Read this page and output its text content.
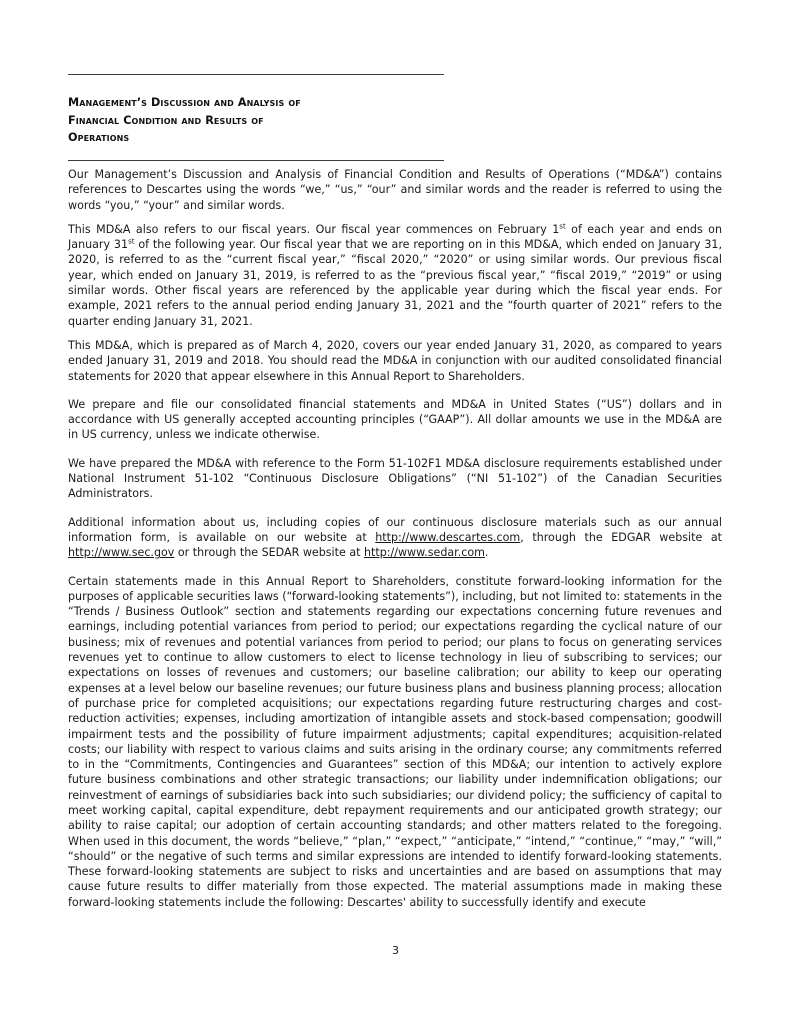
Management’s Discussion and Analysis of
Financial Condition and Results of
Operations

Our Management’s Discussion and Analysis of Financial Condition and Results of Operations (“MD&A”) contains references to Descartes using the words “we,” “us,” “our” and similar words and the reader is referred to using the words “you,” “your” and similar words.

This MD&A also refers to our fiscal years. Our fiscal year commences on February 1st of each year and ends on January 31st of the following year. Our fiscal year that we are reporting on in this MD&A, which ended on January 31, 2020, is referred to as the “current fiscal year,” “fiscal 2020,” “2020” or using similar words. Our previous fiscal year, which ended on January 31, 2019, is referred to as the “previous fiscal year,” “fiscal 2019,” “2019” or using similar words. Other fiscal years are referenced by the applicable year during which the fiscal year ends. For example, 2021 refers to the annual period ending January 31, 2021 and the “fourth quarter of 2021” refers to the quarter ending January 31, 2021.

This MD&A, which is prepared as of March 4, 2020, covers our year ended January 31, 2020, as compared to years ended January 31, 2019 and 2018. You should read the MD&A in conjunction with our audited consolidated financial statements for 2020 that appear elsewhere in this Annual Report to Shareholders.

We prepare and file our consolidated financial statements and MD&A in United States (“US”) dollars and in accordance with US generally accepted accounting principles (“GAAP”). All dollar amounts we use in the MD&A are in US currency, unless we indicate otherwise.

We have prepared the MD&A with reference to the Form 51-102F1 MD&A disclosure requirements established under National Instrument 51-102 “Continuous Disclosure Obligations” (“NI 51-102”) of the Canadian Securities Administrators.

Additional information about us, including copies of our continuous disclosure materials such as our annual information form, is available on our website at http://www.descartes.com, through the EDGAR website at http://www.sec.gov or through the SEDAR website at http://www.sedar.com.

Certain statements made in this Annual Report to Shareholders, constitute forward-looking information for the purposes of applicable securities laws (“forward-looking statements”), including, but not limited to: statements in the “Trends / Business Outlook” section and statements regarding our expectations concerning future revenues and earnings, including potential variances from period to period; our expectations regarding the cyclical nature of our business; mix of revenues and potential variances from period to period; our plans to focus on generating services revenues yet to continue to allow customers to elect to license technology in lieu of subscribing to services; our expectations on losses of revenues and customers; our baseline calibration; our ability to keep our operating expenses at a level below our baseline revenues; our future business plans and business planning process; allocation of purchase price for completed acquisitions; our expectations regarding future restructuring charges and cost-reduction activities; expenses, including amortization of intangible assets and stock-based compensation; goodwill impairment tests and the possibility of future impairment adjustments; capital expenditures; acquisition-related costs; our liability with respect to various claims and suits arising in the ordinary course; any commitments referred to in the “Commitments, Contingencies and Guarantees” section of this MD&A; our intention to actively explore future business combinations and other strategic transactions; our liability under indemnification obligations; our reinvestment of earnings of subsidiaries back into such subsidiaries; our dividend policy; the sufficiency of capital to meet working capital, capital expenditure, debt repayment requirements and our anticipated growth strategy; our ability to raise capital; our adoption of certain accounting standards; and other matters related to the foregoing. When used in this document, the words “believe,” “plan,” “expect,” “anticipate,” “intend,” “continue,” “may,” “will,” “should” or the negative of such terms and similar expressions are intended to identify forward-looking statements. These forward-looking statements are subject to risks and uncertainties and are based on assumptions that may cause future results to differ materially from those expected. The material assumptions made in making these forward-looking statements include the following: Descartes' ability to successfully identify and execute

3
